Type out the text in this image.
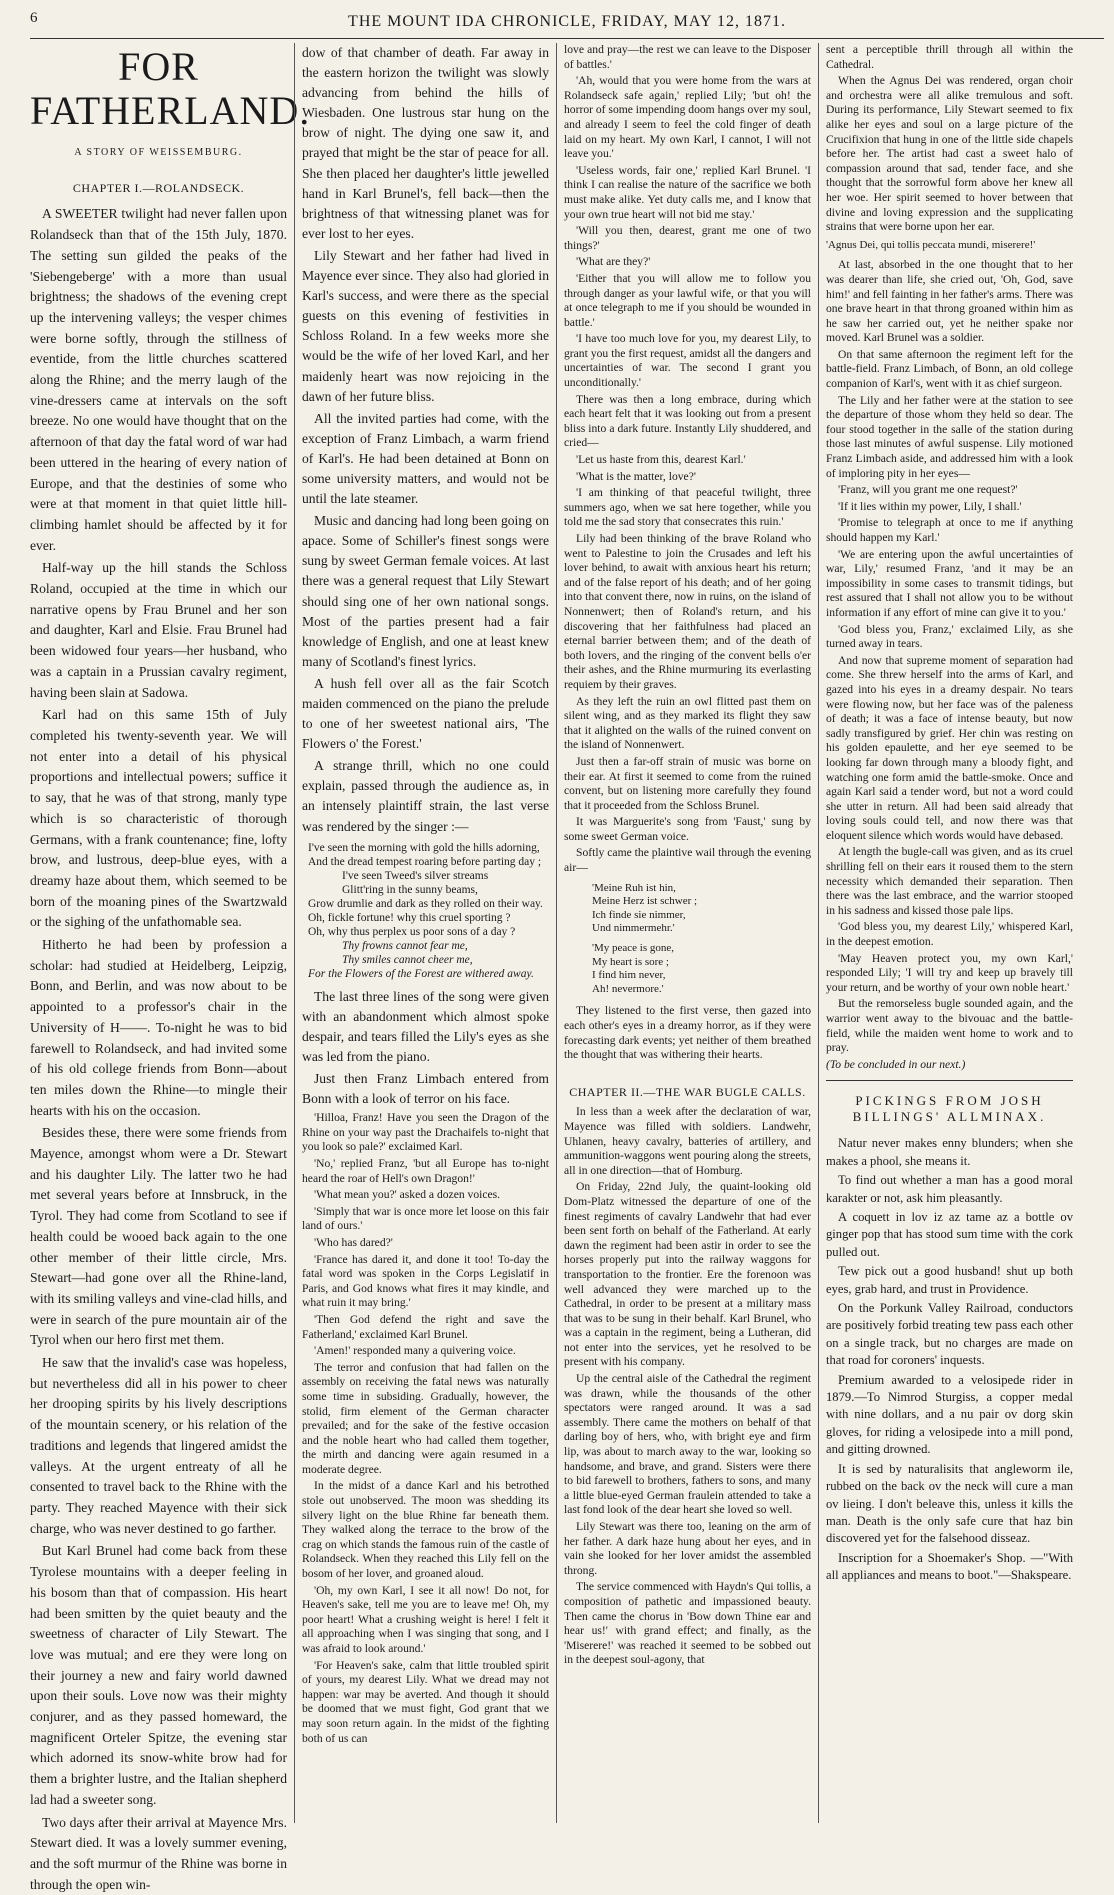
6	THE MOUNT IDA CHRONICLE, FRIDAY, MAY 12, 1871.
FOR FATHERLAND.
A STORY OF WEISSEMBURG.
CHAPTER I.—ROLANDSECK.

A SWEETER twilight had never fallen upon Rolandseck than that of the 15th July, 1870. The setting sun gilded the peaks of the 'Siebengeberge' with a more than usual brightness; the shadows of the evening crept up the intervening valleys; the vesper chimes were borne softly, through the stillness of eventide, from the little churches scattered along the Rhine; and the merry laugh of the vine-dressers came at intervals on the soft breeze. No one would have thought that on the afternoon of that day the fatal word of war had been uttered in the hearing of every nation of Europe, and that the destinies of some who were at that moment in that quiet little hill-climbing hamlet should be affected by it for ever.

Half-way up the hill stands the Schloss Roland, occupied at the time in which our narrative opens by Frau Brunel and her son and daughter, Karl and Elsie. Frau Brunel had been widowed four years—her husband, who was a captain in a Prussian cavalry regiment, having been slain at Sadowa.

Karl had on this same 15th of July completed his twenty-seventh year. We will not enter into a detail of his physical proportions and intellectual powers; suffice it to say, that he was of that strong, manly type which is so characteristic of thorough Germans, with a frank countenance; fine, lofty brow, and lustrous, deep-blue eyes, with a dreamy haze about them, which seemed to be born of the moaning pines of the Swartzwald or the sighing of the unfathomable sea.

Hitherto he had been by profession a scholar: had studied at Heidelberg, Leipzig, Bonn, and Berlin, and was now about to be appointed to a professor's chair in the University of H——. To-night he was to bid farewell to Rolandseck, and had invited some of his old college friends from Bonn—about ten miles down the Rhine—to mingle their hearts with his on the occasion.

Besides these, there were some friends from Mayence, amongst whom were a Dr. Stewart and his daughter Lily. The latter two he had met several years before at Innsbruck, in the Tyrol. They had come from Scotland to see if health could be wooed back again to the one other member of their little circle, Mrs. Stewart—had gone over all the Rhine-land, with its smiling valleys and vine-clad hills, and were in search of the pure mountain air of the Tyrol when our hero first met them.

He saw that the invalid's case was hopeless, but nevertheless did all in his power to cheer her drooping spirits by his lively descriptions of the mountain scenery, or his relation of the traditions and legends that lingered amidst the valleys. At the urgent entreaty of all he consented to travel back to the Rhine with the party. They reached Mayence with their sick charge, who was never destined to go farther.

But Karl Brunel had come back from these Tyrolese mountains with a deeper feeling in his bosom than that of compassion. His heart had been smitten by the quiet beauty and the sweetness of character of Lily Stewart. The love was mutual; and ere they were long on their journey a new and fairy world dawned upon their souls. Love now was their mighty conjurer, and as they passed homeward, the magnificent Orteler Spitze, the evening star which adorned its snow-white brow had for them a brighter lustre, and the Italian shepherd lad had a sweeter song.

Two days after their arrival at Mayence Mrs. Stewart died. It was a lovely summer evening, and the soft murmur of the Rhine was borne in through the open win-

dow of that chamber of death. Far away in the eastern horizon the twilight was slowly advancing from behind the hills of Wiesbaden. One lustrous star hung on the brow of night. The dying one saw it, and prayed that might be the star of peace for all. She then placed her daughter's little jewelled hand in Karl Brunel's, fell back—then the brightness of that witnessing planet was for ever lost to her eyes.

Lily Stewart and her father had lived in Mayence ever since. They also had gloried in Karl's success, and were there as the special guests on this evening of festivities in Schloss Roland. In a few weeks more she would be the wife of her loved Karl, and her maidenly heart was now rejoicing in the dawn of her future bliss.

All the invited parties had come, with the exception of Franz Limbach, a warm friend of Karl's. He had been detained at Bonn on some university matters, and would not be until the late steamer.

Music and dancing had long been going on apace. Some of Schiller's finest songs were sung by sweet German female voices. At last there was a general request that Lily Stewart should sing one of her own national songs. Most of the parties present had a fair knowledge of English, and one at least knew many of Scotland's finest lyrics.

A hush fell over all as the fair Scotch maiden commenced on the piano the prelude to one of her sweetest national airs, 'The Flowers o' the Forest.'

A strange thrill, which no one could explain, passed through the audience as, in an intensely plaintiff strain, the last verse was rendered by the singer :—

I've seen the morning with gold the hills adorning,
And the dread tempest roaring before parting day ;
I've seen Tweed's silver streams
Glitt'ring in the sunny beams,
Grow drumlie and dark as they rolled on their way.
Oh, fickle fortune! why this cruel sporting ?
Oh, why thus perplex us poor sons of a day ?
Thy frowns cannot fear me,
Thy smiles cannot cheer me,
For the Flowers of the Forest are withered away.

The last three lines of the song were given with an abandonment which almost spoke despair, and tears filled the Lily's eyes as she was led from the piano.

Just then Franz Limbach entered from Bonn with a look of terror on his face.

'Hilloa, Franz! Have you seen the Dragon of the Rhine on your way past the Drachaifels to-night that you look so pale?' exclaimed Karl.

'No,' replied Franz, 'but all Europe has to-night heard the roar of Hell's own Dragon!'

'What mean you?' asked a dozen voices.

'Simply that war is once more let loose on this fair land of ours.'

'Who has dared?'

'France has dared it, and done it too! To-day the fatal word was spoken in the Corps Legislatif in Paris, and God knows what fires it may kindle, and what ruin it may bring.'

'Then God defend the right and save the Fatherland,' exclaimed Karl Brunel.

'Amen!' responded many a quivering voice.

The terror and confusion that had fallen on the assembly on receiving the fatal news was naturally some time in subsiding. Gradually, however, the stolid, firm element of the German character prevailed; and for the sake of the festive occasion and the noble heart who had called them together, the mirth and dancing were again resumed in a moderate degree.

In the midst of a dance Karl and his betrothed stole out unobserved. The moon was shedding its silvery light on the blue Rhine far beneath them. They walked along the terrace to the brow of the crag on which stands the famous ruin of the castle of Rolandseck. When they reached this Lily fell on the bosom of her lover, and groaned aloud.

'Oh, my own Karl, I see it all now! Do not, for Heaven's sake, tell me you are to leave me! Oh, my poor heart! What a crushing weight is here! I felt it all approaching when I was singing that song, and I was afraid to look around.'

'For Heaven's sake, calm that little troubled spirit of yours, my dearest Lily. What we dread may not happen: war may be averted. And though it should be doomed that we must fight, God grant that we may soon return again. In the midst of the fighting both of us can

love and pray—the rest we can leave to the Disposer of battles.'

'Ah, would that you were home from the wars at Rolandseck safe again,' replied Lily; 'but oh! the horror of some impending doom hangs over my soul, and already I seem to feel the cold finger of death laid on my heart. My own Karl, I cannot, I will not leave you.'

'Useless words, fair one,' replied Karl Brunel. 'I think I can realise the nature of the sacrifice we both must make alike. Yet duty calls me, and I know that your own true heart will not bid me stay.'

'Will you then, dearest, grant me one of two things?'

'What are they?'

'Either that you will allow me to follow you through danger as your lawful wife, or that you will at once telegraph to me if you should be wounded in battle.'

'I have too much love for you, my dearest Lily, to grant you the first request, amidst all the dangers and uncertainties of war. The second I grant you unconditionally.'

There was then a long embrace, during which each heart felt that it was looking out from a present bliss into a dark future. Instantly Lily shuddered, and cried—

'Let us haste from this, dearest Karl.'

'What is the matter, love?'

'I am thinking of that peaceful twilight, three summers ago, when we sat here together, while you told me the sad story that consecrates this ruin.'

Lily had been thinking of the brave Roland who went to Palestine to join the Crusades and left his lover behind, to await with anxious heart his return; and of the false report of his death; and of her going into that convent there, now in ruins, on the island of Nonnenwert; then of Roland's return, and his discovering that her faithfulness had placed an eternal barrier between them; and of the death of both lovers, and the ringing of the convent bells o'er their ashes, and the Rhine murmuring its everlasting requiem by their graves.

As they left the ruin an owl flitted past them on silent wing, and as they marked its flight they saw that it alighted on the walls of the ruined convent on the island of Nonnenwert.

Just then a far-off strain of music was borne on their ear. At first it seemed to come from the ruined convent, but on listening more carefully they found that it proceeded from the Schloss Brunel.

It was Marguerite's song from 'Faust,' sung by some sweet German voice.

Softly came the plaintive wail through the evening air—

'Meine Ruh ist hin,
Meine Herz ist schwer ;
Ich finde sie nimmer,
Und nimmermehr.'
'My peace is gone,
My heart is sore ;
I find him never,
Ah! nevermore.'

They listened to the first verse, then gazed into each other's eyes in a dreamy horror, as if they were forecasting dark events; yet neither of them breathed the thought that was withering their hearts.

CHAPTER II.—THE WAR BUGLE CALLS.

In less than a week after the declaration of war, Mayence was filled with soldiers. Landwehr, Uhlanen, heavy cavalry, batteries of artillery, and ammunition-waggons went pouring along the streets, all in one direction—that of Homburg.

On Friday, 22nd July, the quaint-looking old Dom-Platz witnessed the departure of one of the finest regiments of cavalry Landwehr that had ever been sent forth on behalf of the Fatherland. At early dawn the regiment had been astir in order to see the horses properly put into the railway waggons for transportation to the frontier. Ere the forenoon was well advanced they were marched up to the Cathedral, in order to be present at a military mass that was to be sung in their behalf. Karl Brunel, who was a captain in the regiment, being a Lutheran, did not enter into the services, yet he resolved to be present with his company.

Up the central aisle of the Cathedral the regiment was drawn, while the thousands of the other spectators were ranged around. It was a sad assembly. There came the mothers on behalf of that darling boy of hers, who, with bright eye and firm lip, was about to march away to the war, looking so handsome, and brave, and grand. Sisters were there to bid farewell to brothers, fathers to sons, and many a little blue-eyed German fraulein attended to take a last fond look of the dear heart she loved so well.

Lily Stewart was there too, leaning on the arm of her father. A dark haze hung about her eyes, and in vain she looked for her lover amidst the assembled throng.

The service commenced with Haydn's Qui tollis, a composition of pathetic and impassioned beauty. Then came the chorus in 'Bow down Thine ear and hear us!' with grand effect; and finally, as the 'Miserere!' was reached it seemed to be sobbed out in the deepest soul-agony, that

sent a perceptible thrill through all within the Cathedral.

When the Agnus Dei was rendered, organ choir and orchestra were all alike tremulous and soft. During its performance, Lily Stewart seemed to fix alike her eyes and soul on a large picture of the Crucifixion that hung in one of the little side chapels before her. The artist had cast a sweet halo of compassion around that sad, tender face, and she thought that the sorrowful form above her knew all her woe. Her spirit seemed to hover between that divine and loving expression and the supplicating strains that were borne upon her ear.

'Agnus Dei, qui tollis peccata mundi, miserere!'

At last, absorbed in the one thought that to her was dearer than life, she cried out, 'Oh, God, save him!' and fell fainting in her father's arms. There was one brave heart in that throng groaned within him as he saw her carried out, yet he neither spake nor moved. Karl Brunel was a soldier.

On that same afternoon the regiment left for the battle-field. Franz Limbach, of Bonn, an old college companion of Karl's, went with it as chief surgeon.

The Lily and her father were at the station to see the departure of those whom they held so dear. The four stood together in the salle of the station during those last minutes of awful suspense. Lily motioned Franz Limbach aside, and addressed him with a look of imploring pity in her eyes—

'Franz, will you grant me one request?'

'If it lies within my power, Lily, I shall.'

'Promise to telegraph at once to me if anything should happen my Karl.'

'We are entering upon the awful uncertainties of war, Lily,' resumed Franz, 'and it may be an impossibility in some cases to transmit tidings, but rest assured that I shall not allow you to be without information if any effort of mine can give it to you.'

'God bless you, Franz,' exclaimed Lily, as she turned away in tears.

And now that supreme moment of separation had come. She threw herself into the arms of Karl, and gazed into his eyes in a dreamy despair. No tears were flowing now, but her face was of the paleness of death; it was a face of intense beauty, but now sadly transfigured by grief. Her chin was resting on his golden epaulette, and her eye seemed to be looking far down through many a bloody fight, and watching one form amid the battle-smoke. Once and again Karl said a tender word, but not a word could she utter in return. All had been said already that loving souls could tell, and now there was that eloquent silence which words would have debased.

At length the bugle-call was given, and as its cruel shrilling fell on their ears it roused them to the stern necessity which demanded their separation. Then there was the last embrace, and the warrior stooped in his sadness and kissed those pale lips.

'God bless you, my dearest Lily,' whispered Karl, in the deepest emotion.

'May Heaven protect you, my own Karl,' responded Lily; 'I will try and keep up bravely till your return, and be worthy of your own noble heart.'

But the remorseless bugle sounded again, and the warrior went away to the bivouac and the battle-field, while the maiden went home to work and to pray.

(To be concluded in our next.)

PICKINGS FROM JOSH
BILLINGS' ALLMINAX.

Natur never makes enny blunders; when she makes a phool, she means it.

To find out whether a man has a good moral karakter or not, ask him pleasantly.

A coquett in lov iz az tame az a bottle ov ginger pop that has stood sum time with the cork pulled out.

Tew pick out a good husband! shut up both eyes, grab hard, and trust in Providence.

On the Porkunk Valley Railroad, conductors are positively forbid treating tew pass each other on a single track, but no charges are made on that road for coroners' inquests.

Premium awarded to a velosipede rider in 1879.—To Nimrod Sturgiss, a copper medal with nine dollars, and a nu pair ov dorg skin gloves, for riding a velosipede into a mill pond, and gitting drowned.

It is sed by naturalisits that angleworm ile, rubbed on the back ov the neck will cure a man ov lieing. I don't beleave this, unless it kills the man. Death is the only safe cure that haz bin discovered yet for the falsehood disseaz.

Inscription for a Shoemaker's Shop. —"With all appliances and means to boot."—Shakspeare.
